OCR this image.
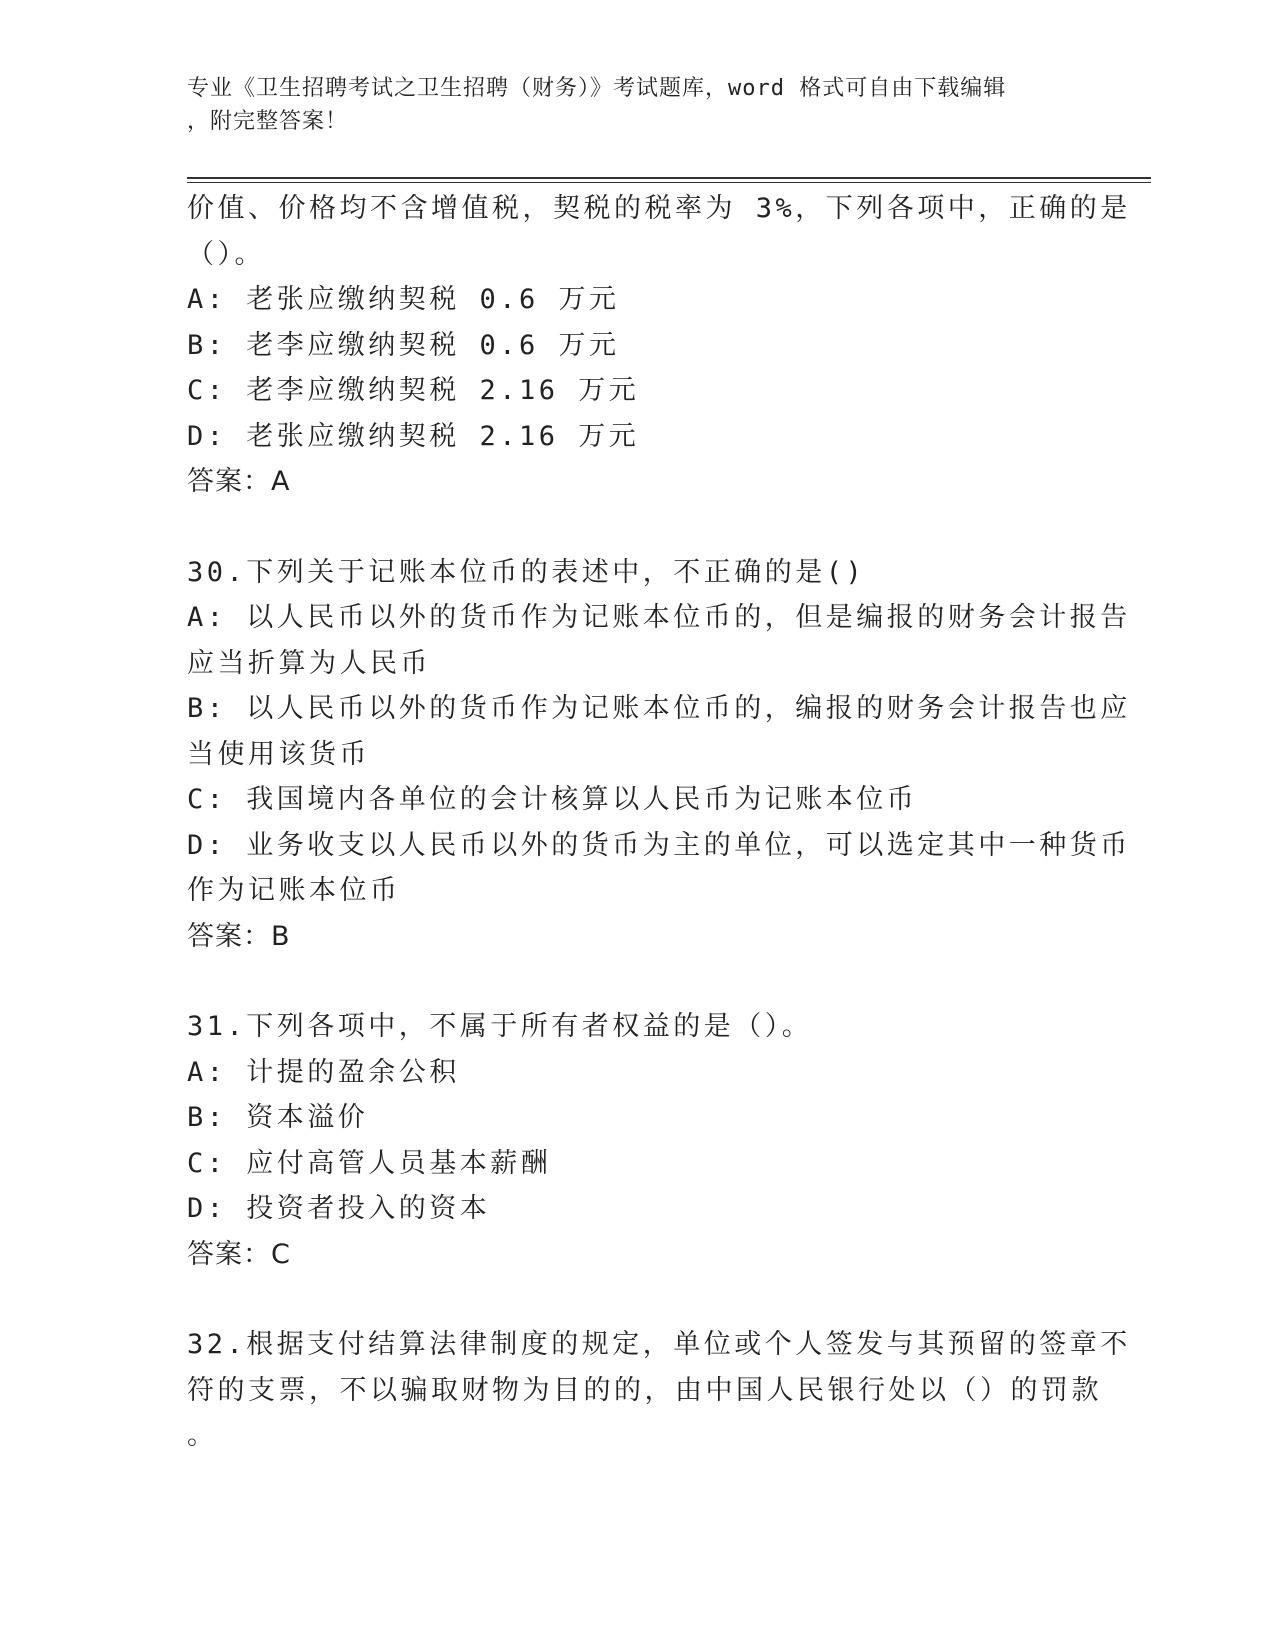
专业《卫生招聘考试之卫生招聘（财务）》考试题库，word 格式可自由下载编辑
，附完整答案！
价值、价格均不含增值税，契税的税率为 3%，下列各项中，正确的是
（）。
A: 老张应缴纳契税 0.6 万元
B: 老李应缴纳契税 0.6 万元
C: 老李应缴纳契税 2.16 万元
D: 老张应缴纳契税 2.16 万元
答案：A
30.下列关于记账本位币的表述中，不正确的是()
A: 以人民币以外的货币作为记账本位币的，但是编报的财务会计报告
应当折算为人民币
B: 以人民币以外的货币作为记账本位币的，编报的财务会计报告也应
当使用该货币
C: 我国境内各单位的会计核算以人民币为记账本位币
D: 业务收支以人民币以外的货币为主的单位，可以选定其中一种货币
作为记账本位币
答案：B
31.下列各项中，不属于所有者权益的是（）。
A: 计提的盈余公积
B: 资本溢价
C: 应付高管人员基本薪酬
D: 投资者投入的资本
答案：C
32.根据支付结算法律制度的规定，单位或个人签发与其预留的签章不
符的支票，不以骗取财物为目的的，由中国人民银行处以（）的罚款
。
